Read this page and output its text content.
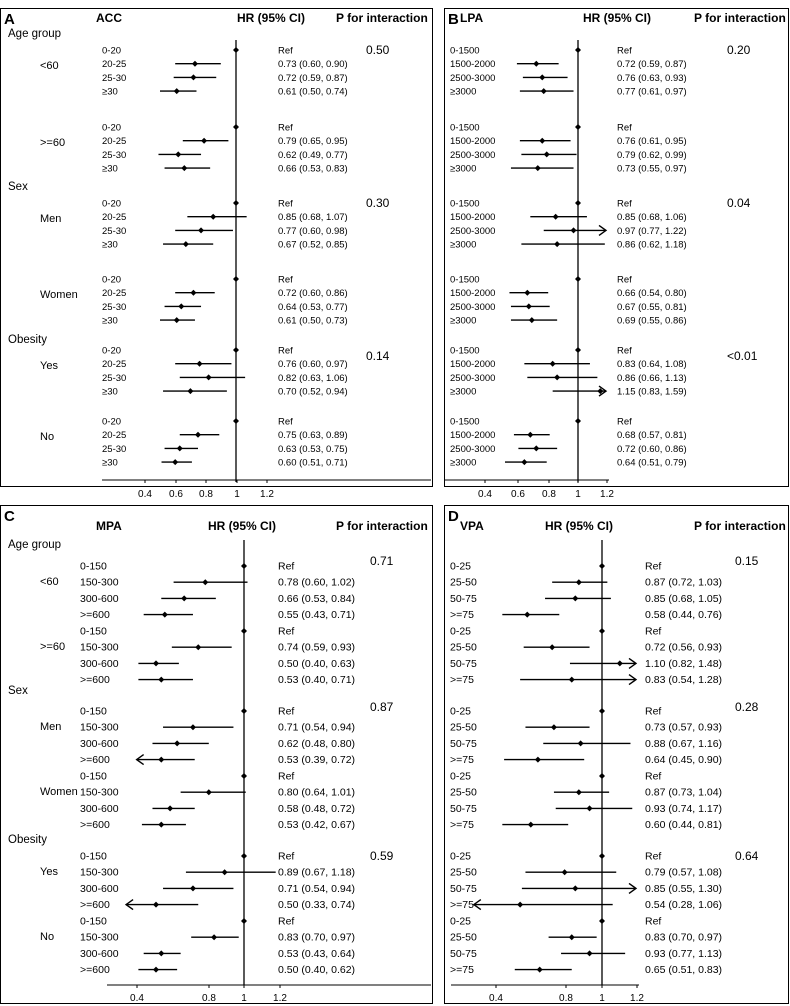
A	ACC	HR (95% CI)	P for interaction
0.4 0.6 0.8 1 1.2
Age group
0.50
<60
0-20	Ref
20-25	0.73 (0.60, 0.90)
25-30	0.72 (0.59, 0.87)
≥30	0.61 (0.50, 0.74)
>=60
0-20	Ref
20-25	0.79 (0.65, 0.95)
25-30	0.62 (0.49, 0.77)
≥30	0.66 (0.53, 0.83)
Sex
0.30
Men
0-20	Ref
20-25	0.85 (0.68, 1.07)
25-30	0.77 (0.60, 0.98)
≥30	0.67 (0.52, 0.85)
Women
0-20	Ref
20-25	0.72 (0.60, 0.86)
25-30	0.64 (0.53, 0.77)
≥30	0.61 (0.50, 0.73)
Obesity
0.14
Yes
0-20	Ref
20-25	0.76 (0.60, 0.97)
25-30	0.82 (0.63, 1.06)
≥30	0.70 (0.52, 0.94)
No
0-20	Ref
20-25	0.75 (0.63, 0.89)
25-30	0.63 (0.53, 0.75)
≥30	0.60 (0.51, 0.71)
B LPA	HR (95% CI)	P for interaction
0.4 0.6 0.8 1 1.2
0.20
0-1500	Ref
1500-2000	0.72 (0.59, 0.87)
2500-3000	0.76 (0.63, 0.93)
≥3000	0.77 (0.61, 0.97)
0-1500	Ref
1500-2000	0.76 (0.61, 0.95)
2500-3000	0.79 (0.62, 0.99)
≥3000	0.73 (0.55, 0.97)
0.04
0-1500	Ref
1500-2000	0.85 (0.68, 1.06)
2500-3000	0.97 (0.77, 1.22)
≥3000	0.86 (0.62, 1.18)
0-1500	Ref
1500-2000	0.66 (0.54, 0.80)
2500-3000	0.67 (0.55, 0.81)
≥3000	0.69 (0.55, 0.86)
<0.01
0-1500	Ref
1500-2000	0.83 (0.64, 1.08)
2500-3000	0.86 (0.66, 1.13)
≥3000	1.15 (0.83, 1.59)
0-1500	Ref
1500-2000	0.68 (0.57, 0.81)
2500-3000	0.72 (0.60, 0.86)
≥3000	0.64 (0.51, 0.79)
C
MPA	HR (95% CI)	P for interaction
0.4	0.8	1	1.2
Age group
0.71
<60
0-150	Ref
150-300	0.78 (0.60, 1.02)
300-600	0.66 (0.53, 0.84)
>=600	0.55 (0.43, 0.71)
>=60
0-150	Ref
150-300	0.74 (0.59, 0.93)
300-600	0.50 (0.40, 0.63)
>=600	0.53 (0.40, 0.71)
Sex
0.87
Men
0-150	Ref
150-300	0.71 (0.54, 0.94)
300-600	0.62 (0.48, 0.80)
>=600	0.53 (0.39, 0.72)
Women
0-150	Ref
150-300	0.80 (0.64, 1.01)
300-600	0.58 (0.48, 0.72)
>=600	0.53 (0.42, 0.67)
Obesity
0.59
Yes
0-150	Ref
150-300	0.89 (0.67, 1.18)
300-600	0.71 (0.54, 0.94)
>=600	0.50 (0.33, 0.74)
No
0-150	Ref
150-300	0.83 (0.70, 0.97)
300-600	0.53 (0.43, 0.64)
>=600	0.50 (0.40, 0.62)
D
VPA	HR (95% CI)	P for interaction
0.4	0.8	1	1.2
0.15
0-25	Ref
25-50	0.87 (0.72, 1.03)
50-75	0.85 (0.68, 1.05)
>=75	0.58 (0.44, 0.76)
0-25	Ref
25-50	0.72 (0.56, 0.93)
50-75	1.10 (0.82, 1.48)
>=75	0.83 (0.54, 1.28)
0.28
0-25	Ref
25-50	0.73 (0.57, 0.93)
50-75	0.88 (0.67, 1.16)
>=75	0.64 (0.45, 0.90)
0-25	Ref
25-50	0.87 (0.73, 1.04)
50-75	0.93 (0.74, 1.17)
>=75	0.60 (0.44, 0.81)
0.64
0-25	Ref
25-50	0.79 (0.57, 1.08)
50-75	0.85 (0.55, 1.30)
>=75	0.54 (0.28, 1.06)
0-25	Ref
25-50	0.83 (0.70, 0.97)
50-75	0.93 (0.77, 1.13)
>=75	0.65 (0.51, 0.83)
